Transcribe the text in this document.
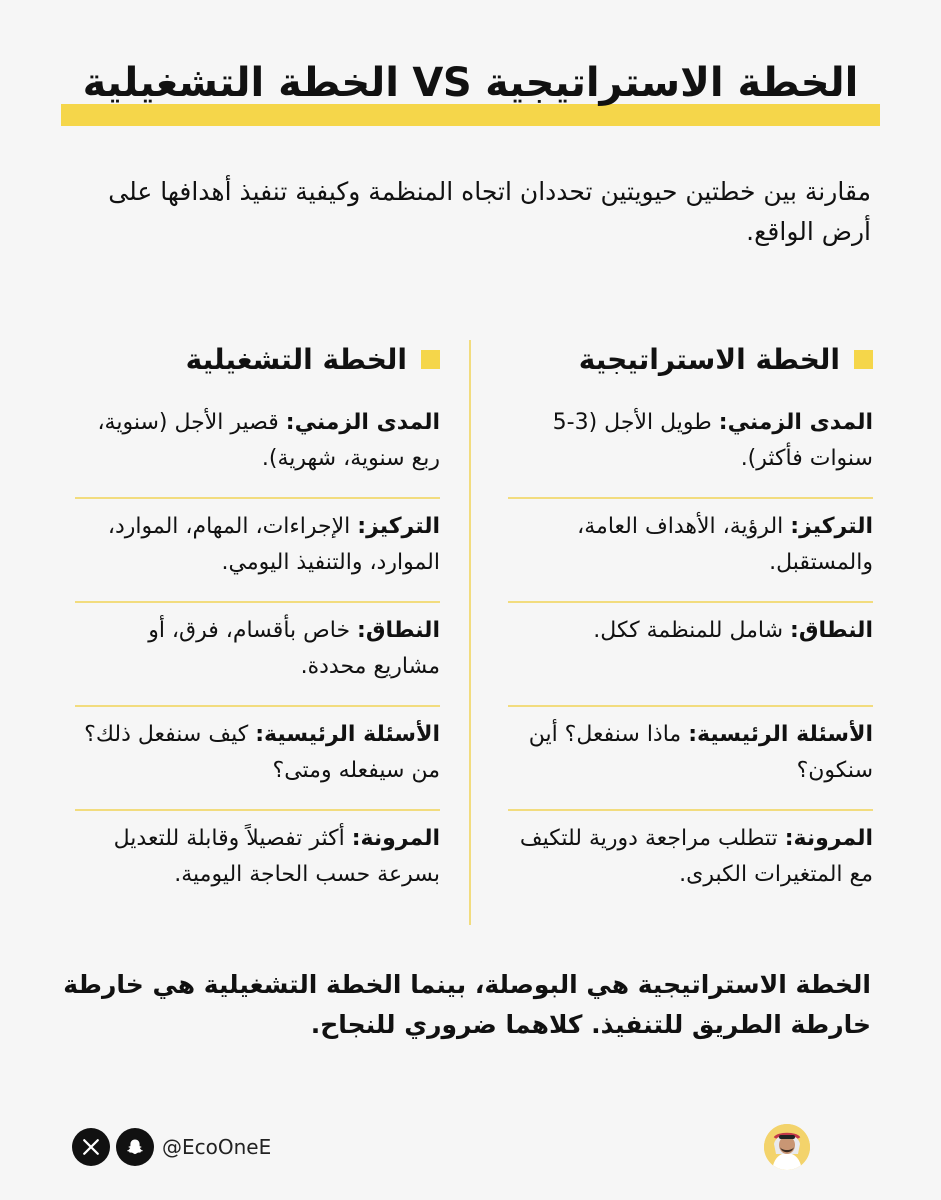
الخطة الاستراتيجية VS الخطة التشغيلية

مقارنة بين خطتين حيويتين تحددان اتجاه المنظمة وكيفية تنفيذ أهدافها على أرض الواقع.

الخطة الاستراتيجية
المدى الزمني: طويل الأجل (3-5 سنوات فأكثر).
التركيز: الرؤية، الأهداف العامة، والمستقبل.
النطاق: شامل للمنظمة ككل.
الأسئلة الرئيسية: ماذا سنفعل؟ أين سنكون؟
المرونة: تتطلب مراجعة دورية للتكيف مع المتغيرات الكبرى.
الخطة التشغيلية
المدى الزمني: قصير الأجل (سنوية، ربع سنوية، شهرية).
التركيز: الإجراءات، المهام، الموارد، الموارد، والتنفيذ اليومي.
النطاق: خاص بأقسام، فرق، أو مشاريع محددة.
الأسئلة الرئيسية: كيف سنفعل ذلك؟ من سيفعله ومتى؟
المرونة: أكثر تفصيلاً وقابلة للتعديل بسرعة حسب الحاجة اليومية.

الخطة الاستراتيجية هي البوصلة، بينما الخطة التشغيلية هي خارطة خارطة الطريق للتنفيذ. كلاهما ضروري للنجاح.

@EcoOneE
